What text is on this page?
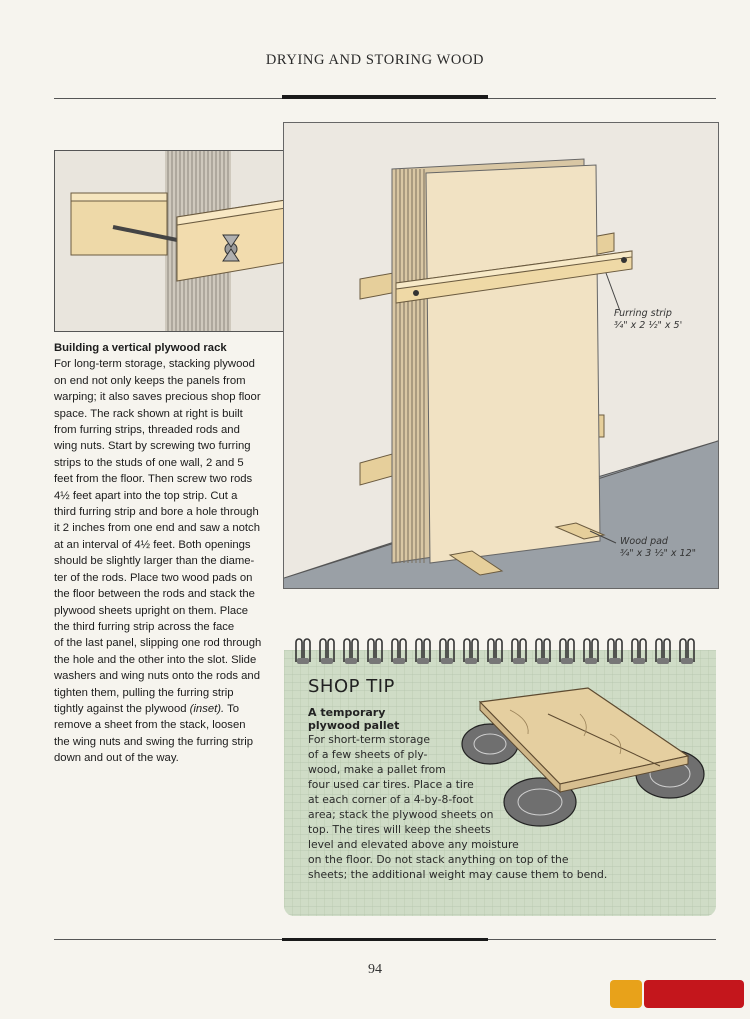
DRYING AND STORING WOOD
Furring strip
³⁄₄" x 2 ¹⁄₂" x 5'
Wood pad
³⁄₄" x 3 ¹⁄₂" x 12"
Building a vertical plywood rack
For long-term storage, stacking plywood
on end not only keeps the panels from
warping; it also saves precious shop floor
space. The rack shown at right is built
from furring strips, threaded rods and
wing nuts. Start by screwing two furring
strips to the studs of one wall, 2 and 5
feet from the floor. Then screw two rods
4½ feet apart into the top strip. Cut a
third furring strip and bore a hole through
it 2 inches from one end and saw a notch
at an interval of 4½ feet. Both openings
should be slightly larger than the diame-
ter of the rods. Place two wood pads on
the floor between the rods and stack the
plywood sheets upright on them. Place
the third furring strip across the face
of the last panel, slipping one rod through
the hole and the other into the slot. Slide
washers and wing nuts onto the rods and
tighten them, pulling the furring strip
tightly against the plywood (inset). To
remove a sheet from the stack, loosen
the wing nuts and swing the furring strip
down and out of the way.
SHOP TIP
A temporary
plywood pallet
For short-term storage
of a few sheets of ply-
wood, make a pallet from
four used car tires. Place a tire
at each corner of a 4-by-8-foot
area; stack the plywood sheets on
top. The tires will keep the sheets
level and elevated above any moisture
on the floor. Do not stack anything on top of the
sheets; the additional weight may cause them to bend.
94
